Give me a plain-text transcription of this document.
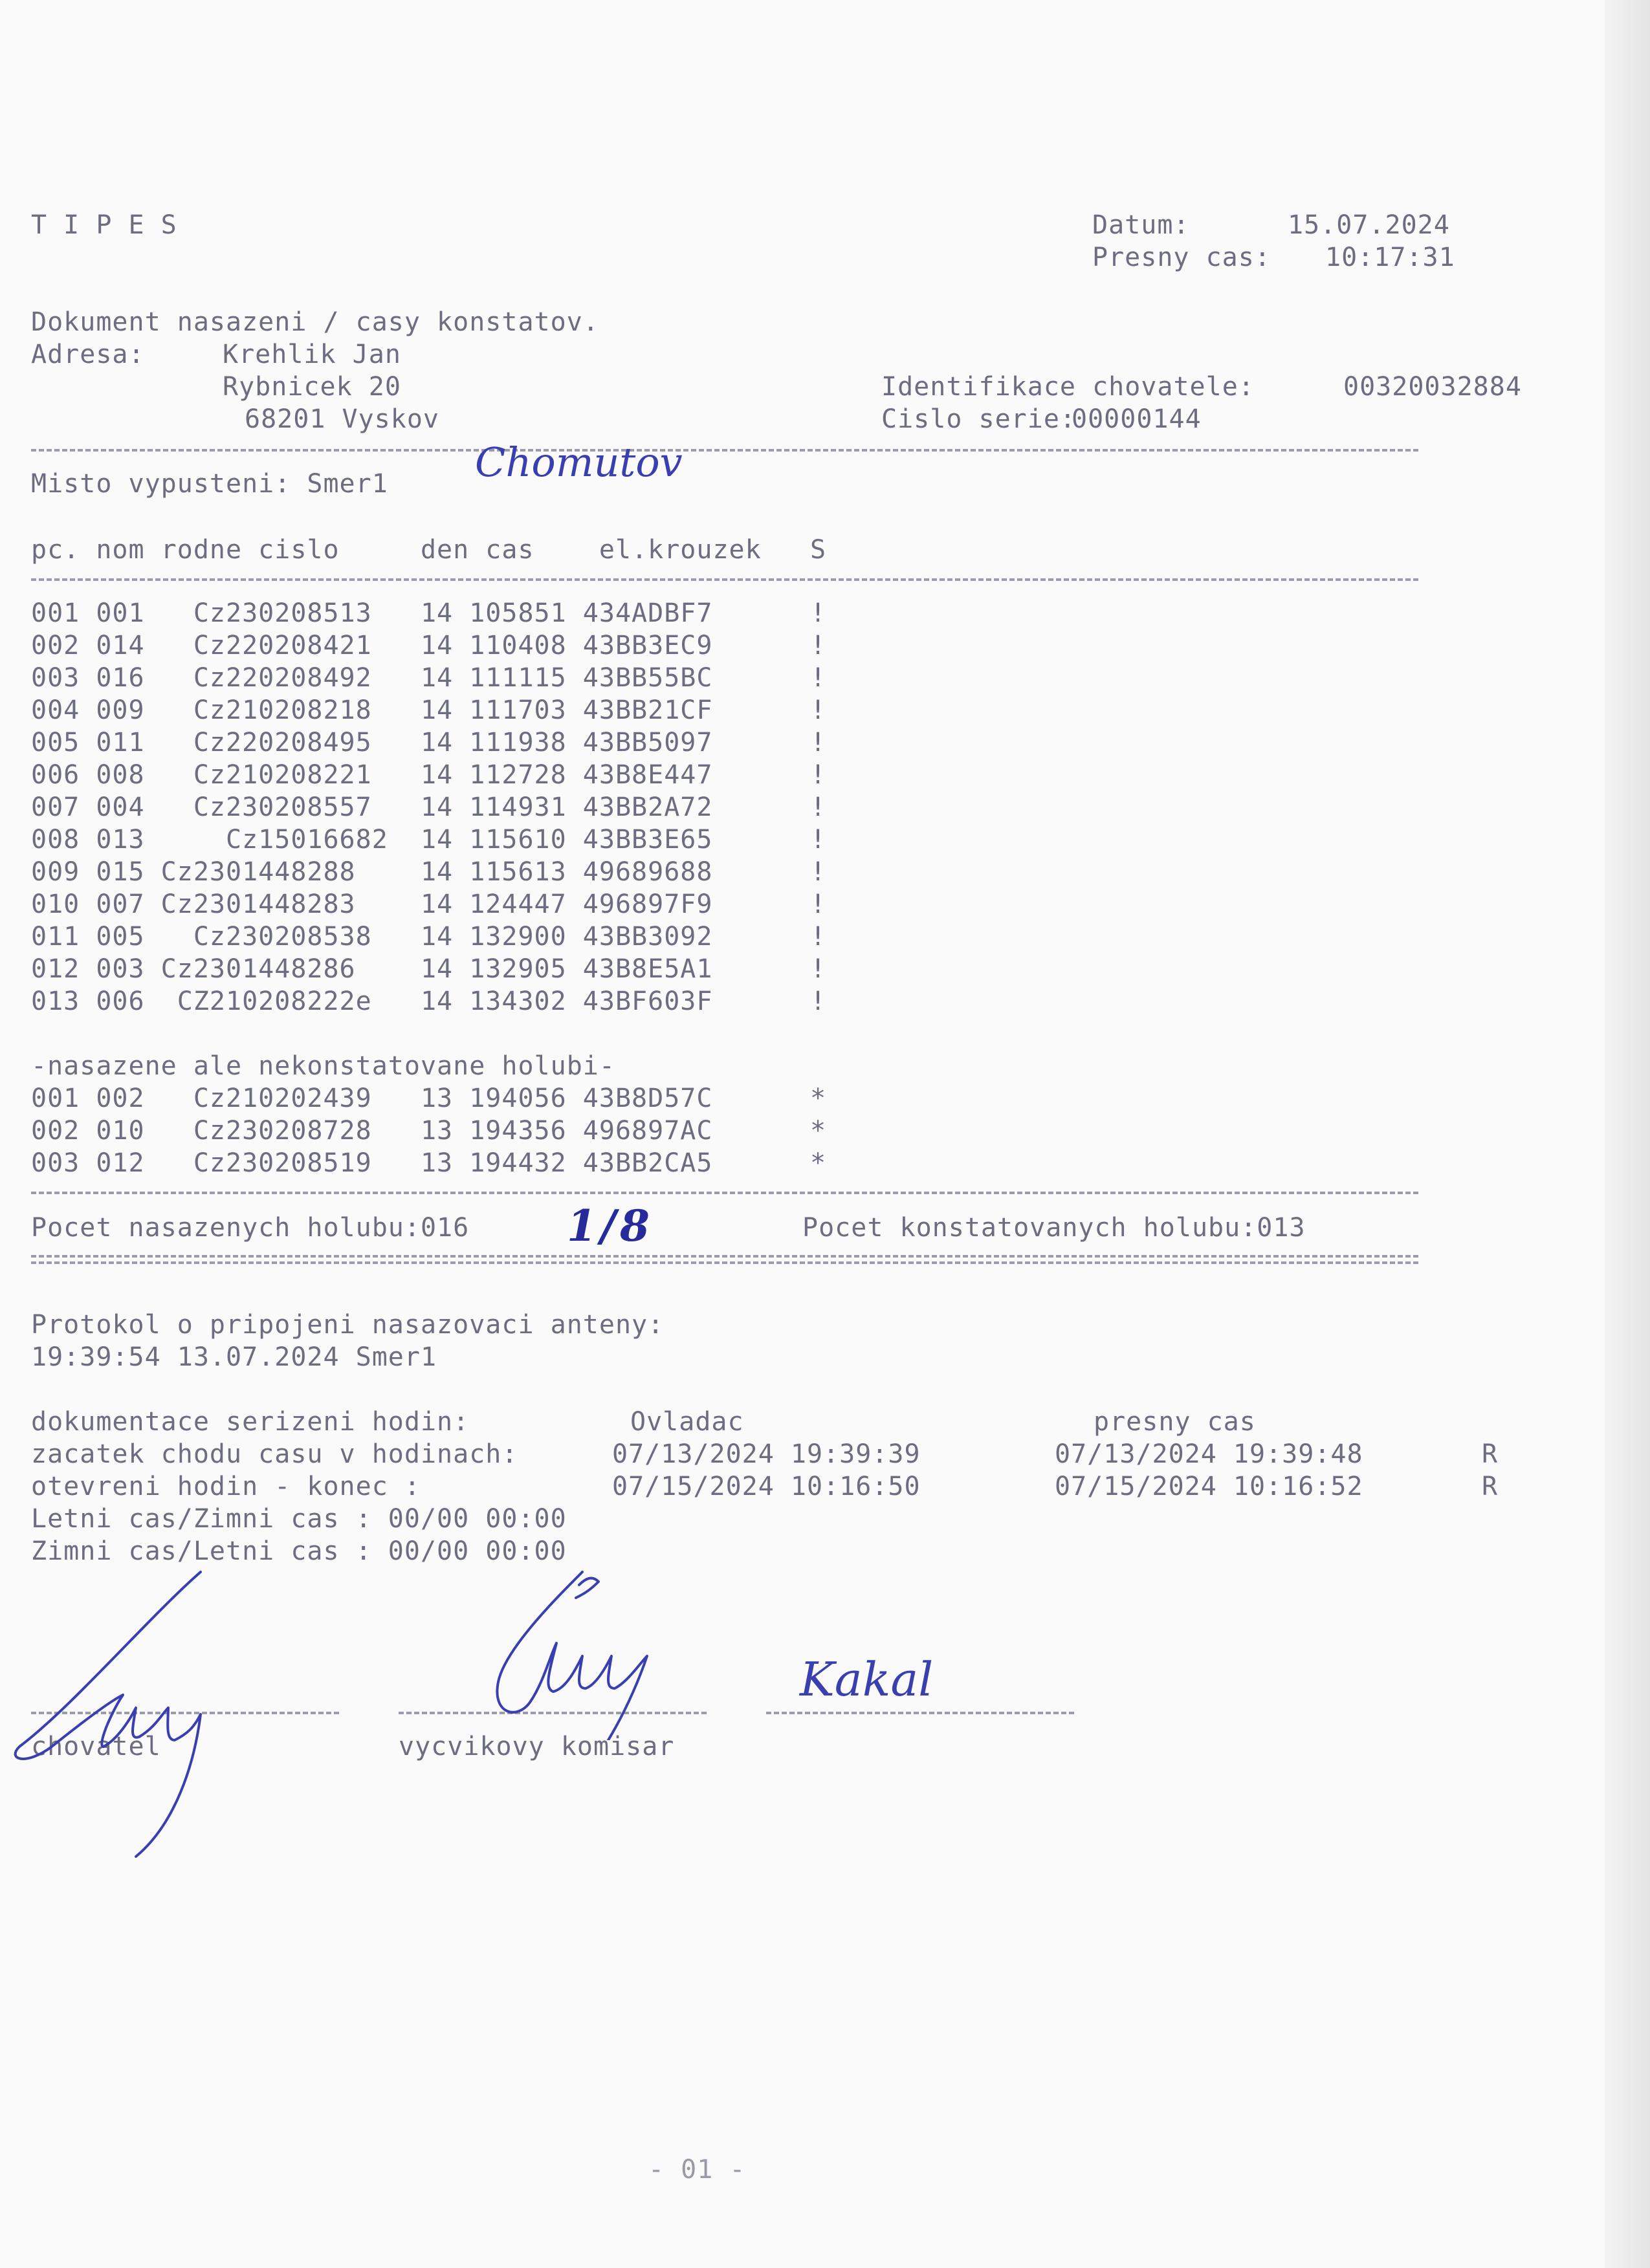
T I P E S	Datum:	15.07.2024
Presny cas: 10:17:31
Dokument nasazeni / casy konstatov.
Adresa:	Krehlik Jan
Rybnicek 20
68201 Vyskov
Identifikace chovatele:	00320032884
Cislo serie:
00000144
Misto vypusteni: Smer1 Chomutov
pc. nom rodne cislo     den cas    el.krouzek   S
001 001   Cz230208513   14 105851 434ADBF7      !
002 014   Cz220208421   14 110408 43BB3EC9      !
003 016   Cz220208492   14 111115 43BB55BC      !
004 009   Cz210208218   14 111703 43BB21CF      !
005 011   Cz220208495   14 111938 43BB5097      !
006 008   Cz210208221   14 112728 43B8E447      !
007 004   Cz230208557   14 114931 43BB2A72      !
008 013     Cz15016682  14 115610 43BB3E65      !
009 015 Cz2301448288    14 115613 49689688      !
010 007 Cz2301448283    14 124447 496897F9      !
011 005   Cz230208538   14 132900 43BB3092      !
012 003 Cz2301448286    14 132905 43B8E5A1      !
013 006  CZ210208222e   14 134302 43BF603F      !
-nasazene ale nekonstatovane holubi-
001 002   Cz210202439   13 194056 43B8D57C      *
002 010   Cz230208728   13 194356 496897AC      *
003 012   Cz230208519   13 194432 43BB2CA5      *
Pocet nasazenych holubu:016 1/8	Pocet konstatovanych holubu:013
Protokol o pripojeni nasazovaci anteny:
19:39:54 13.07.2024 Smer1
dokumentace serizeni hodin:	Ovladac	presny cas
zacatek chodu casu v hodinach:	07/13/2024 19:39:39	07/13/2024 19:39:48	R
otevreni hodin - konec :	07/15/2024 10:16:50	07/15/2024 10:16:52	R
Letni cas/Zimni cas : 00/00 00:00
Zimni cas/Letni cas : 00/00 00:00
chovatel	vycvikovy komisar
Kakal
- 01 -
